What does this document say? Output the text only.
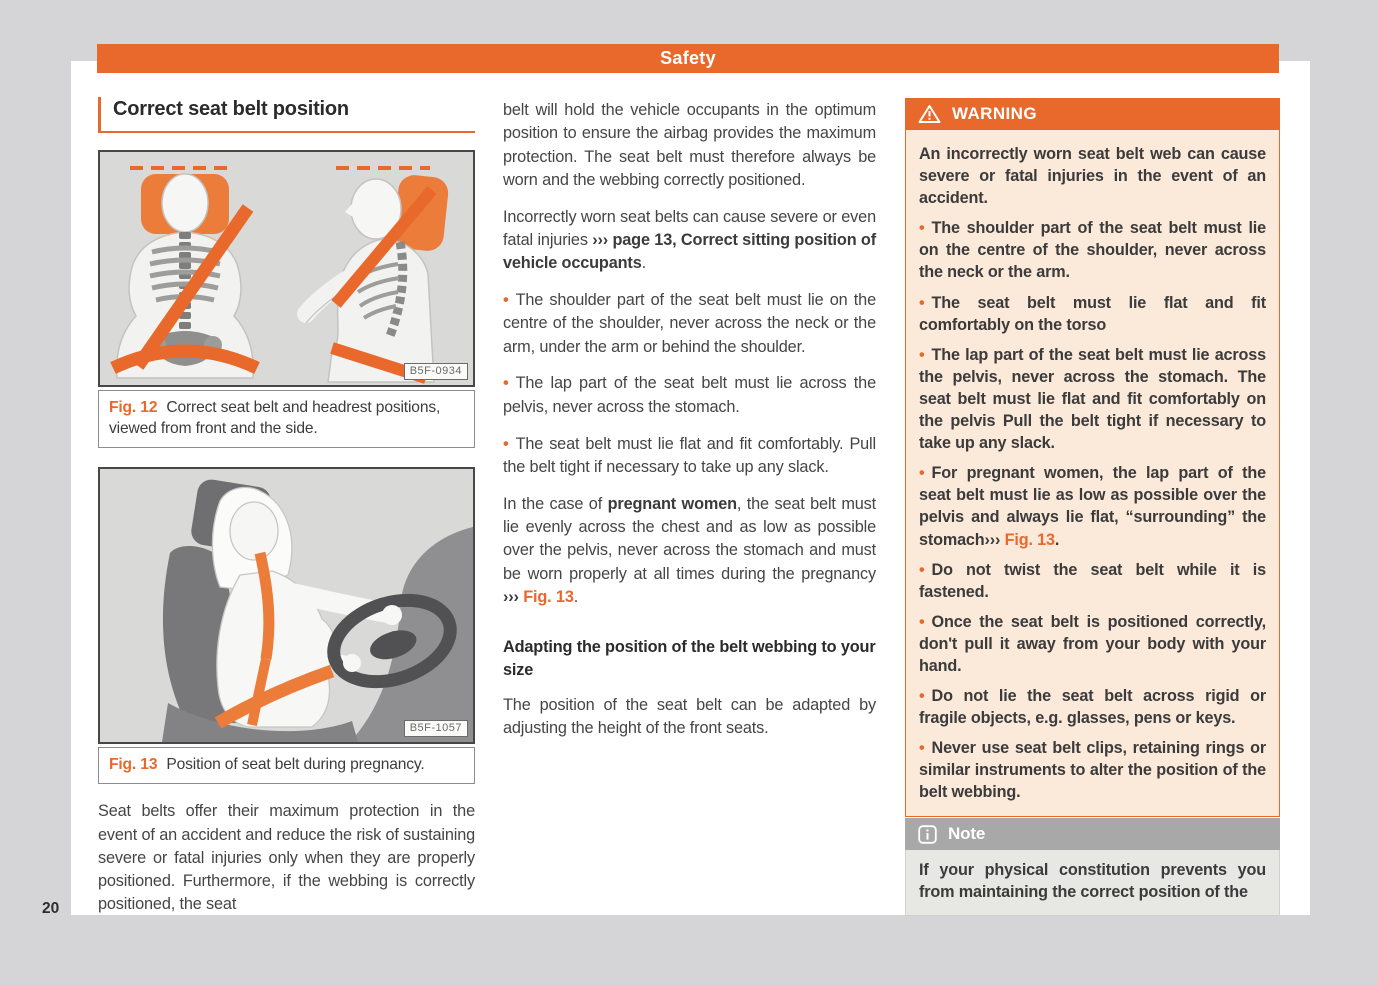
Safety
20
Correct seat belt position
B5F-0934
Fig. 12 Correct seat belt and headrest positions, viewed from front and the side.
B5F-1057
Fig. 13 Position of seat belt during pregnancy.
Seat belts offer their maximum protection in the event of an accident and reduce the risk of sustaining severe or fatal injuries only when they are properly positioned. Furthermore, if the webbing is correctly positioned, the seat

belt will hold the vehicle occupants in the optimum position to ensure the airbag provides the maximum protection. The seat belt must therefore always be worn and the webbing correctly positioned.

Incorrectly worn seat belts can cause severe or even fatal injuries ››› page 13, Correct sitting position of vehicle occupants.

• The shoulder part of the seat belt must lie on the centre of the shoulder, never across the neck or the arm, under the arm or behind the shoulder.

• The lap part of the seat belt must lie across the pelvis, never across the stomach.

• The seat belt must lie flat and fit comfortably. Pull the belt tight if necessary to take up any slack.

In the case of pregnant women, the seat belt must lie evenly across the chest and as low as possible over the pelvis, never across the stomach and must be worn properly at all times during the pregnancy ››› Fig. 13.

Adapting the position of the belt webbing to your size

The position of the seat belt can be adapted by adjusting the height of the front seats.

WARNING

An incorrectly worn seat belt web can cause severe or fatal injuries in the event of an accident.

• The shoulder part of the seat belt must lie on the centre of the shoulder, never across the neck or the arm.

• The seat belt must lie flat and fit comfortably on the torso

• The lap part of the seat belt must lie across the pelvis, never across the stomach. The seat belt must lie flat and fit comfortably on the pelvis Pull the belt tight if necessary to take up any slack.

• For pregnant women, the lap part of the seat belt must lie as low as possible over the pelvis and always lie flat, “surrounding” the stomach››› Fig. 13.

• Do not twist the seat belt while it is fastened.

• Once the seat belt is positioned correctly, don't pull it away from your body with your hand.

• Do not lie the seat belt across rigid or fragile objects, e.g. glasses, pens or keys.

• Never use seat belt clips, retaining rings or similar instruments to alter the position of the belt webbing.

Note
If your physical constitution prevents you from maintaining the correct position of the
